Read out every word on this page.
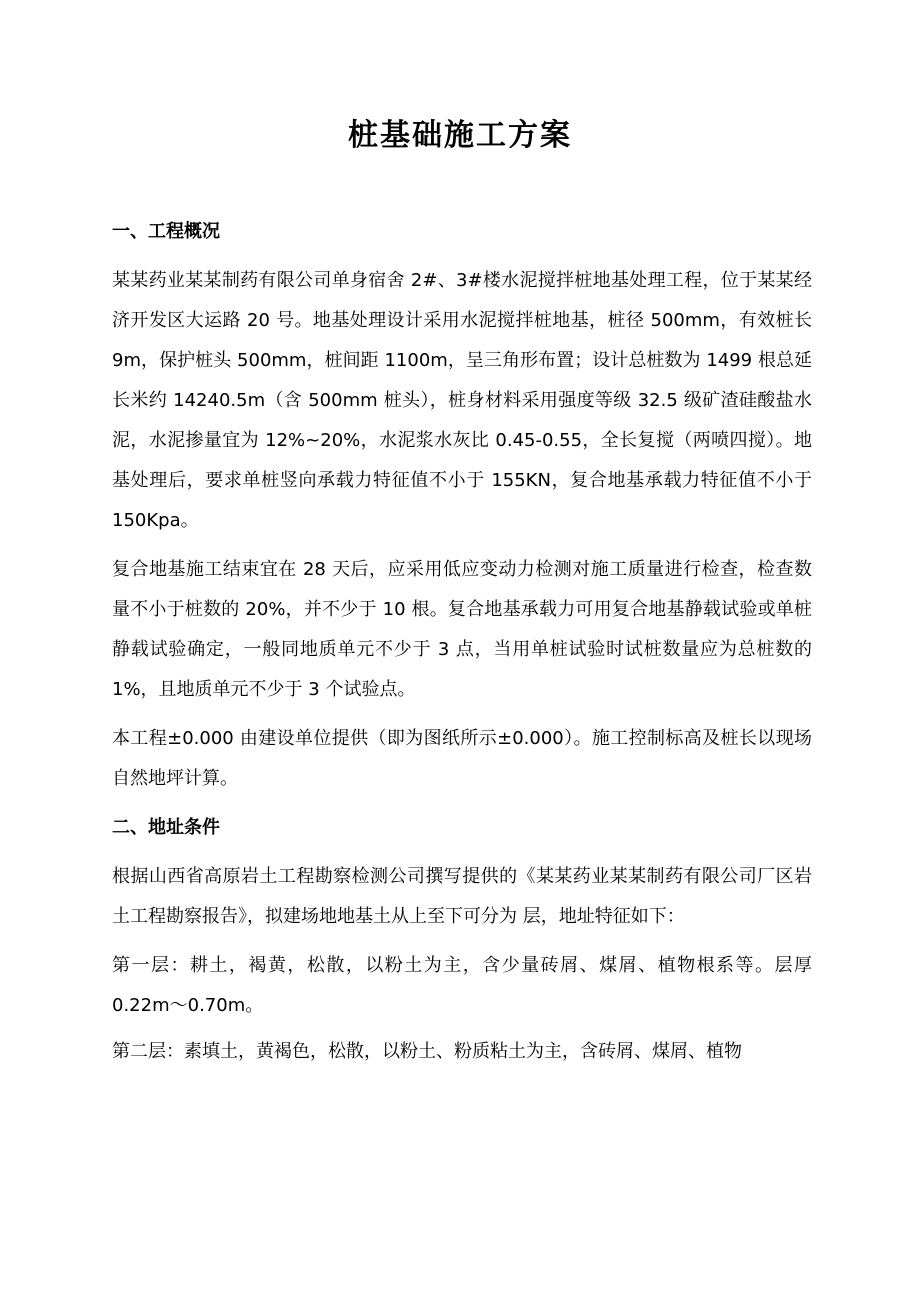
桩基础施工方案
一、工程概况
某某药业某某制药有限公司单身宿舍 2#、3#楼水泥搅拌桩地基处理工程，位于某某经济开发区大运路 20 号。地基处理设计采用水泥搅拌桩地基，桩径 500mm，有效桩长 9m，保护桩头 500mm，桩间距 1100m，呈三角形布置；设计总桩数为 1499 根总延长米约 14240.5m（含 500mm 桩头），桩身材料采用强度等级 32.5 级矿渣硅酸盐水泥，水泥掺量宜为 12%~20%，水泥浆水灰比 0.45-0.55，全长复搅（两喷四搅）。地基处理后，要求单桩竖向承载力特征值不小于 155KN，复合地基承载力特征值不小于 150Kpa。
复合地基施工结束宜在 28 天后，应采用低应变动力检测对施工质量进行检查，检查数量不小于桩数的 20%，并不少于 10 根。复合地基承载力可用复合地基静载试验或单桩静载试验确定，一般同地质单元不少于 3 点，当用单桩试验时试桩数量应为总桩数的 1%，且地质单元不少于 3 个试验点。
本工程±0.000 由建设单位提供（即为图纸所示±0.000）。施工控制标高及桩长以现场自然地坪计算。
二、地址条件
根据山西省高原岩土工程勘察检测公司撰写提供的《某某药业某某制药有限公司厂区岩土工程勘察报告》，拟建场地地基土从上至下可分为 层，地址特征如下：
第一层：耕土，褐黄，松散，以粉土为主，含少量砖屑、煤屑、植物根系等。层厚 0.22m～0.70m。
第二层：素填土，黄褐色，松散，以粉土、粉质粘土为主，含砖屑、煤屑、植物
